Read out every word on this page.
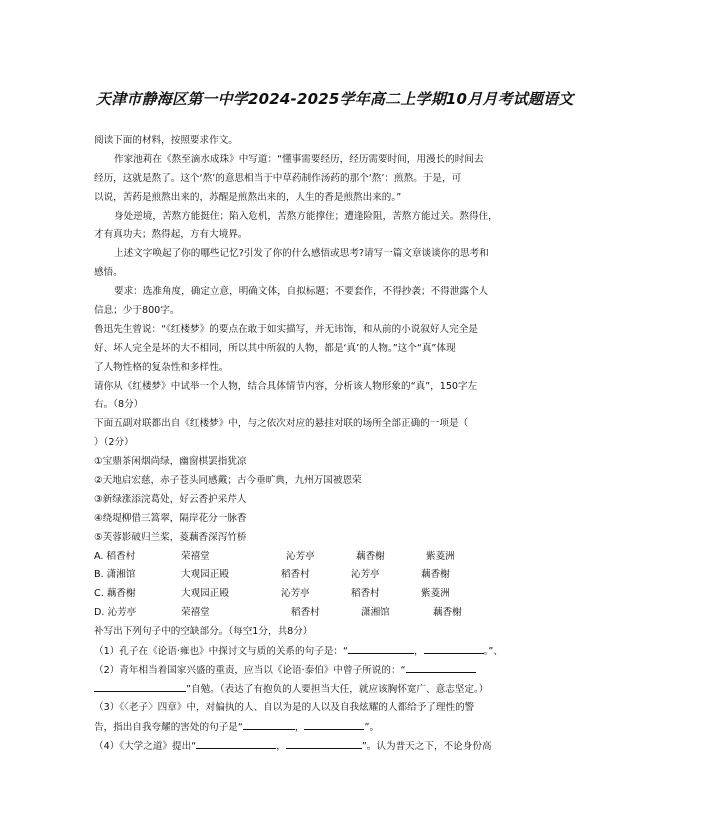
天津市静海区第一中学2024-2025学年高二上学期10月月考试题语文
阅读下面的材料，按照要求作文。
作家池莉在《熬至滴水成珠》中写道：“懂事需要经历，经历需要时间，用漫长的时间去
经历，这就是熬了。这个‘熬’的意思相当于中草药制作汤药的那个‘熬’：煎熬。于是，可
以说，苦药是煎熬出来的，苏醒是煎熬出来的，人生的香是煎熬出来的。”
身处逆境，苦熬方能挺住；陷入危机，苦熬方能撑住；遭逢险阻，苦熬方能过关。熬得住，
才有真功夫；熬得起，方有大境界。
上述文字唤起了你的哪些记忆?引发了你的什么感悟或思考?请写一篇文章谈谈你的思考和
感悟。
要求：选准角度，确定立意，明确文体，自拟标题；不要套作，不得抄袭；不得泄露个人
信息；少于800字。
鲁迅先生曾说：“《红楼梦》的要点在敢于如实描写，并无讳饰，和从前的小说叙好人完全是
好、坏人完全是坏的大不相同，所以其中所叙的人物，都是‘真’的人物。”这个“真”体现
了人物性格的复杂性和多样性。
请你从《红楼梦》中试举一个人物，结合具体情节内容，分析该人物形象的“真”，150字左
右。（8分）
下面五副对联都出自《红楼梦》中，与之依次对应的悬挂对联的场所全部正确的一项是（
）（2分）
①宝鼎茶闲烟尚绿，幽窗棋罢指犹凉
②天地启宏慈，赤子苍头同感戴；古今垂旷典，九州万国被恩荣
③新绿涨添浣葛处，好云香护采芹人
④绕堤柳借三篙翠，隔岸花分一脉香
⑤芙蓉影破归兰桨，菱藕香深泻竹桥
A. 稻香村	荣禧堂	沁芳亭	藕香榭	紫菱洲
B. 潇湘馆	大观园正殿	稻香村	沁芳亭	藕香榭
C. 藕香榭	大观园正殿	沁芳亭	稻香村	紫菱洲
D. 沁芳亭	荣禧堂	稻香村	潇湘馆	藕香榭
补写出下列句子中的空缺部分。（每空1分，共8分）
（1）孔子在《论语·雍也》中探讨文与质的关系的句子是：“	，	。”、
（2）青年相当着国家兴盛的重责，应当以《论语·泰伯》中曾子所说的：“
”自勉。（表达了有抱负的人要担当大任，就应该胸怀宽广、意志坚定。）
（3）《〈老子〉四章》中，对偏执的人、自以为是的人以及自我炫耀的人都给予了理性的警
告，指出自我夸耀的害处的句子是“	，	”。
（4）《大学之道》提出“	，	”。认为普天之下，不论身份高
